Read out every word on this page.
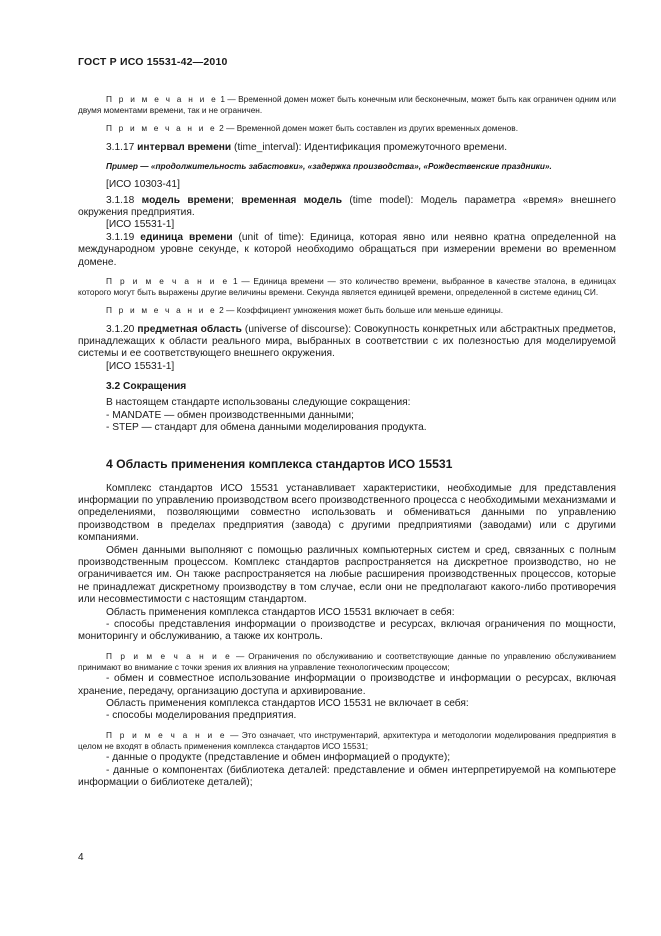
ГОСТ Р ИСО 15531-42—2010

П р и м е ч а н и е 1 — Временной домен может быть конечным или бесконечным, может быть как ограничен одним или двумя моментами времени, так и не ограничен.

П р и м е ч а н и е 2 — Временной домен может быть составлен из других временных доменов.

3.1.17 интервал времени (time_interval): Идентификация промежуточного времени.

Пример — «продолжительность забастовки», «задержка производства», «Рождественские праздники».

[ИСО 10303-41]

3.1.18 модель времени; временная модель (time model): Модель параметра «время» внешнего окружения предприятия.

[ИСО 15531-1]

3.1.19 единица времени (unit of time): Единица, которая явно или неявно кратна определенной на международном уровне секунде, к которой необходимо обращаться при измерении времени во временном домене.

П р и м е ч а н и е 1 — Единица времени — это количество времени, выбранное в качестве эталона, в единицах которого могут быть выражены другие величины времени. Секунда является единицей времени, определенной в системе единиц СИ.

П р и м е ч а н и е 2 — Коэффициент умножения может быть больше или меньше единицы.

3.1.20 предметная область (universe of discourse): Совокупность конкретных или абстрактных предметов, принадлежащих к области реального мира, выбранных в соответствии с их полезностью для моделируемой системы и ее соответствующего внешнего окружения.

[ИСО 15531-1]

3.2 Сокращения

В настоящем стандарте использованы следующие сокращения:

- MANDATE — обмен производственными данными;

- STEP — стандарт для обмена данными моделирования продукта.

4 Область применения комплекса стандартов ИСО 15531

Комплекс стандартов ИСО 15531 устанавливает характеристики, необходимые для представления информации по управлению производством всего производственного процесса с необходимыми механизмами и определениями, позволяющими совместно использовать и обмениваться данными по управлению производством в пределах предприятия (завода) с другими предприятиями (заводами) или с другими компаниями.

Обмен данными выполняют с помощью различных компьютерных систем и сред, связанных с полным производственным процессом. Комплекс стандартов распространяется на дискретное производство, но не ограничивается им. Он также распространяется на любые расширения производственных процессов, которые не принадлежат дискретному производству в том случае, если они не предполагают какого-либо противоречия или несовместимости с настоящим стандартом.

Область применения комплекса стандартов ИСО 15531 включает в себя:

- способы представления информации о производстве и ресурсах, включая ограничения по мощности, мониторингу и обслуживанию, а также их контроль.

П р и м е ч а н и е — Ограничения по обслуживанию и соответствующие данные по управлению обслуживанием принимают во внимание с точки зрения их влияния на управление технологическим процессом;

- обмен и совместное использование информации о производстве и информации о ресурсах, включая хранение, передачу, организацию доступа и архивирование.

Область применения комплекса стандартов ИСО 15531 не включает в себя:

- способы моделирования предприятия.

П р и м е ч а н и е — Это означает, что инструментарий, архитектура и методологии моделирования предприятия в целом не входят в область применения комплекса стандартов ИСО 15531;

- данные о продукте (представление и обмен информацией о продукте);

- данные о компонентах (библиотека деталей: представление и обмен интерпретируемой на компьютере информации о библиотеке деталей);

4
